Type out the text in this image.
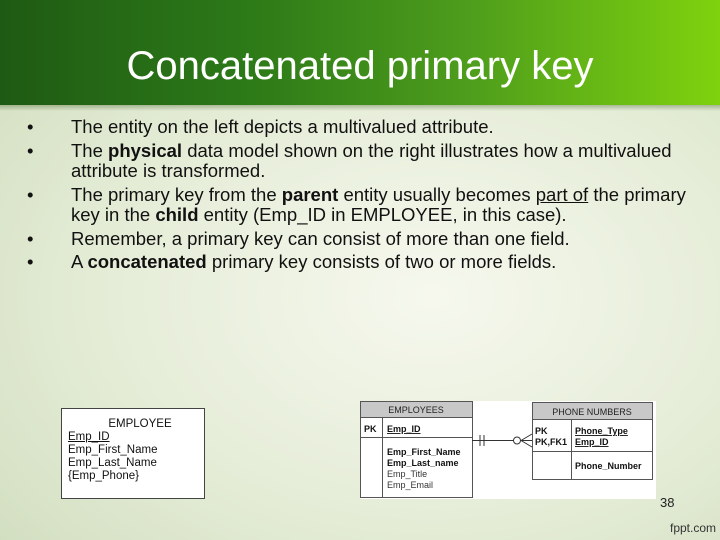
Concatenated primary key
• The entity on the left depicts a multivalued attribute.
• The physical data model shown on the right illustrates how a multivalued attribute is transformed.
• The primary key from the parent entity usually becomes part of the primary key in the child entity (Emp_ID in EMPLOYEE, in this case).
• Remember, a primary key can consist of more than one field.
• A concatenated primary key consists of two or more fields.
EMPLOYEE
Emp_ID
Emp_First_Name
Emp_Last_Name
{Emp_Phone}
EMPLOYEES
PK Emp_ID
Emp_First_Name
Emp_Last_name
Emp_Title
Emp_Email
PHONE NUMBERS
PK
PK,FK1
Phone_Type
Emp_ID
Phone_Number
38
fppt.com
